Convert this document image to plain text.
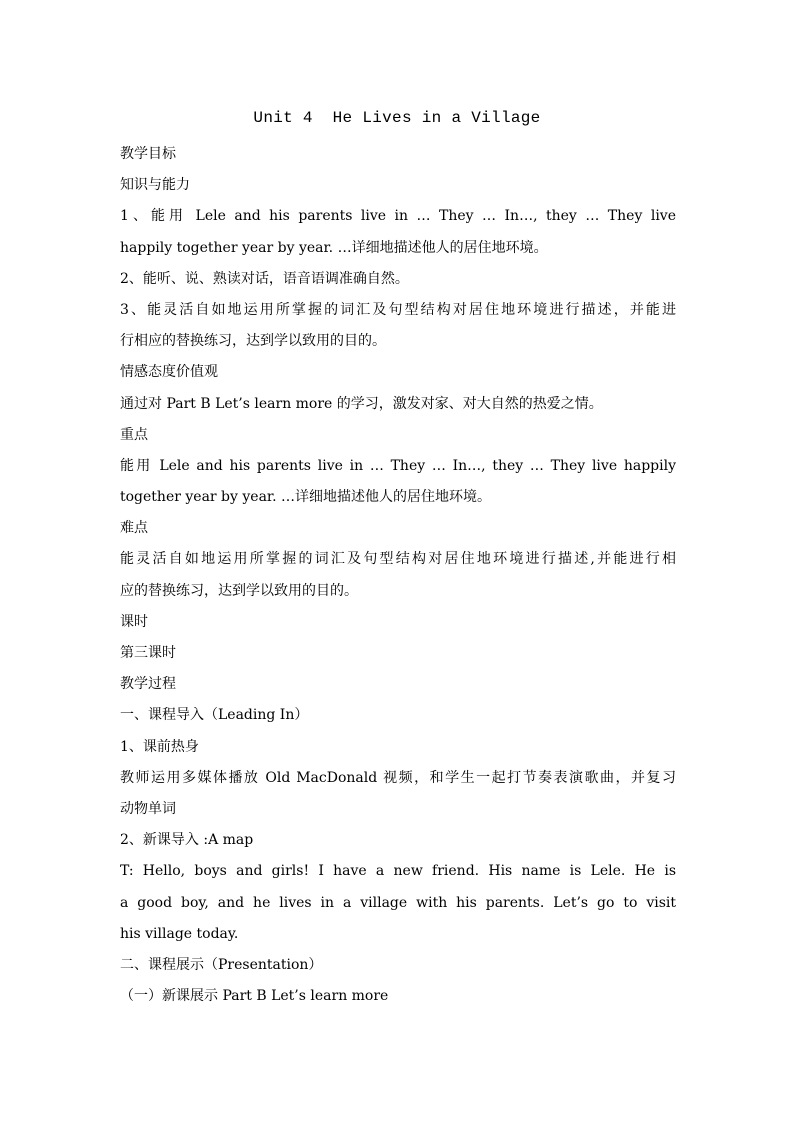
Unit 4  He Lives in a Village
教学目标
知识与能力
1、能用 Lele and his parents live in … They … In…, they … They live
happily together year by year. …详细地描述他人的居住地环境。
2、能听、说、熟读对话，语音语调准确自然。
3、能灵活自如地运用所掌握的词汇及句型结构对居住地环境进行描述，并能进
行相应的替换练习，达到学以致用的目的。
情感态度价值观
通过对 Part B Let’s learn more 的学习，激发对家、对大自然的热爱之情。
重点
能用 Lele and his parents live in … They … In…, they … They live happily
together year by year. …详细地描述他人的居住地环境。
难点
能灵活自如地运用所掌握的词汇及句型结构对居住地环境进行描述,并能进行相
应的替换练习，达到学以致用的目的。
课时
第三课时
教学过程
一、课程导入（Leading In）
1、课前热身
教师运用多媒体播放 Old MacDonald 视频，和学生一起打节奏表演歌曲，并复习
动物单词
2、新课导入 :A map
T: Hello, boys and girls! I have a new friend. His name is Lele. He is
a good boy, and he lives in a village with his parents. Let’s go to visit
his village today.
二、课程展示（Presentation）
（一）新课展示 Part B Let’s learn more
